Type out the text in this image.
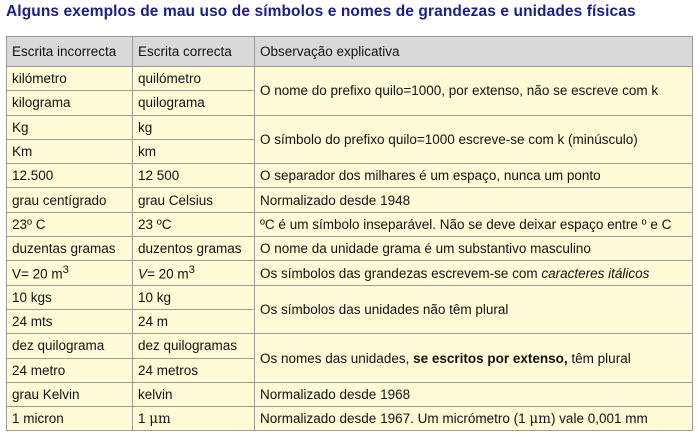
Alguns exemplos de mau uso de símbolos e nomes de grandezas e unidades físicas
Escrita incorrecta	Escrita correcta	Observação explicativa
kilómetro	quilómetro	O nome do prefixo quilo=1000, por extenso, não se escreve com k
kilograma	quilograma	
Kg	kg	O símbolo do prefixo quilo=1000 escreve-se com k (minúsculo)
Km	km	
12.500	12 500	O separador dos milhares é um espaço, nunca um ponto
grau centígrado	grau Celsius	Normalizado desde 1948
23º C	23 ºC	ºC é um símbolo inseparável. Não se deve deixar espaço entre º e C
duzentas gramas	duzentos gramas	O nome da unidade grama é um substantivo masculino
V= 20 $m^3$	V= 20 $m^3$	Os símbolos das grandezas escrevem-se com caracteres itálicos
10 kgs	10 kg	Os símbolos das unidades não têm plural
24 mts	24 m	
dez quilograma	dez quilogramas	Os nomes das unidades, se escritos por extenso, têm plural
24 metro	24 metros	
grau Kelvin	kelvin	Normalizado desde 1968
1 micron	1 μm	Normalizado desde 1967. Um micrómetro (1 μm) vale 0,001 mm
